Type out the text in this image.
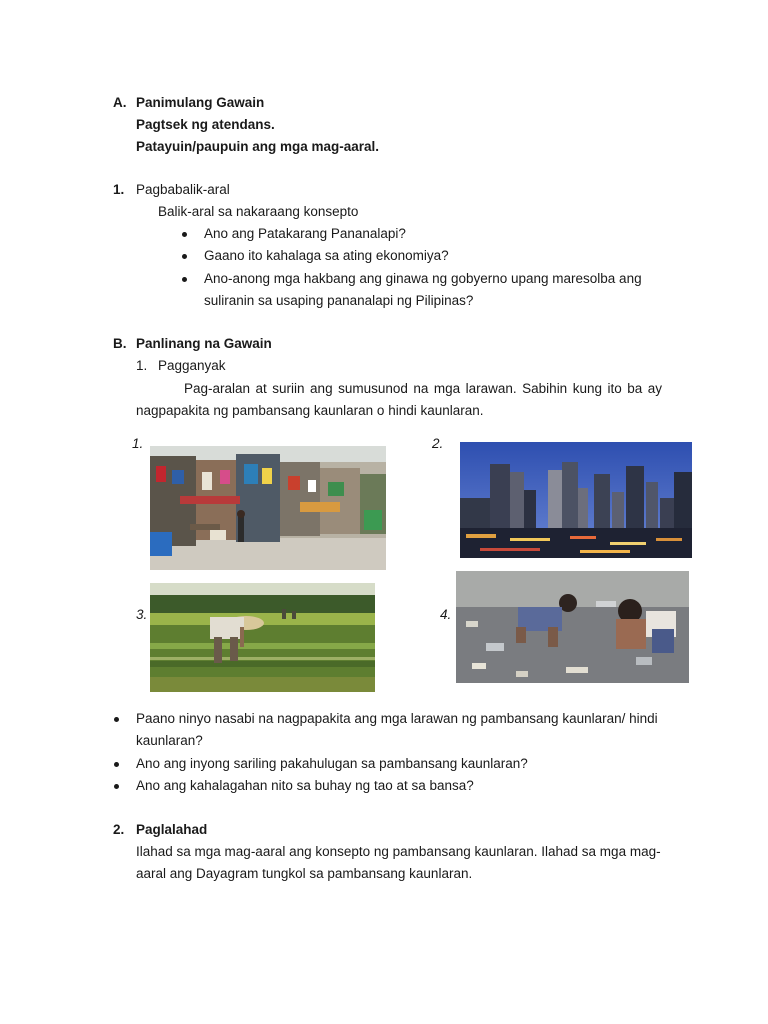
A. Panimulang Gawain
Pagtsek ng atendans.
Patayuin/paupuin ang mga mag-aaral.
1. Pagbabalik-aral
Balik-aral sa nakaraang konsepto
Ano ang Patakarang Pananalapi?
Gaano ito kahalaga sa ating ekonomiya?
Ano-anong mga hakbang ang ginawa ng gobyerno upang maresolba ang
suliranin sa usaping pananalapi ng Pilipinas?
B. Panlinang na Gawain
1. Pagganyak
Pag-aralan at suriin ang sumusunod na mga larawan. Sabihin kung ito ba ay nagpapakita ng pambansang kaunlaran o hindi kaunlaran.
1.	2.
3.	4.
Paano ninyo nasabi na nagpapakita ang mga larawan ng pambansang kaunlaran/ hindi
kaunlaran?
Ano ang inyong sariling pakahulugan sa pambansang kaunlaran?
Ano ang kahalagahan nito sa buhay ng tao at sa bansa?
2. Paglalahad
Ilahad sa mga mag-aaral ang konsepto ng pambansang kaunlaran. Ilahad sa mga mag-
aaral ang Dayagram tungkol sa pambansang kaunlaran.
